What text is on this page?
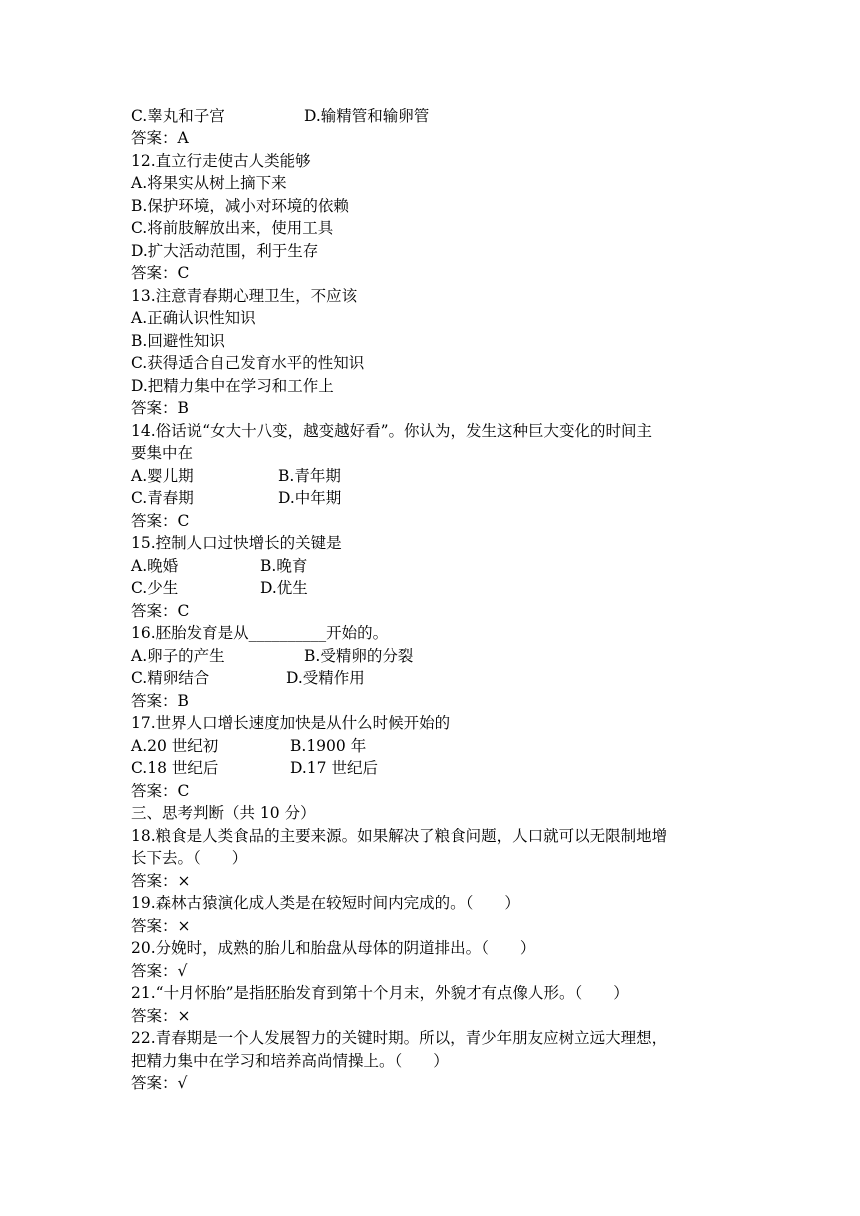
C.睾丸和子宫	D.输精管和输卵管
答案：A
12.直立行走使古人类能够
A.将果实从树上摘下来
B.保护环境，减小对环境的依赖
C.将前肢解放出来，使用工具
D.扩大活动范围，利于生存
答案：C
13.注意青春期心理卫生，不应该
A.正确认识性知识
B.回避性知识
C.获得适合自己发育水平的性知识
D.把精力集中在学习和工作上
答案：B
14.俗话说“女大十八变，越变越好看”。你认为，发生这种巨大变化的时间主
要集中在
A.婴儿期	B.青年期
C.青春期	D.中年期
答案：C
15.控制人口过快增长的关键是
A.晚婚	B.晚育
C.少生	D.优生
答案：C
16.胚胎发育是从__________开始的。
A.卵子的产生	B.受精卵的分裂
C.精卵结合	D.受精作用
答案：B
17.世界人口增长速度加快是从什么时候开始的
A.20 世纪初	B.1900 年
C.18 世纪后	D.17 世纪后
答案：C
三、思考判断（共 10 分）
18.粮食是人类食品的主要来源。如果解决了粮食问题，人口就可以无限制地增
长下去。（　　）
答案：×
19.森林古猿演化成人类是在较短时间内完成的。（　　）
答案：×
20.分娩时，成熟的胎儿和胎盘从母体的阴道排出。（　　）
答案：√
21.“十月怀胎”是指胚胎发育到第十个月末，外貌才有点像人形。（　　）
答案：×
22.青春期是一个人发展智力的关键时期。所以，青少年朋友应树立远大理想，
把精力集中在学习和培养高尚情操上。（　　）
答案：√
